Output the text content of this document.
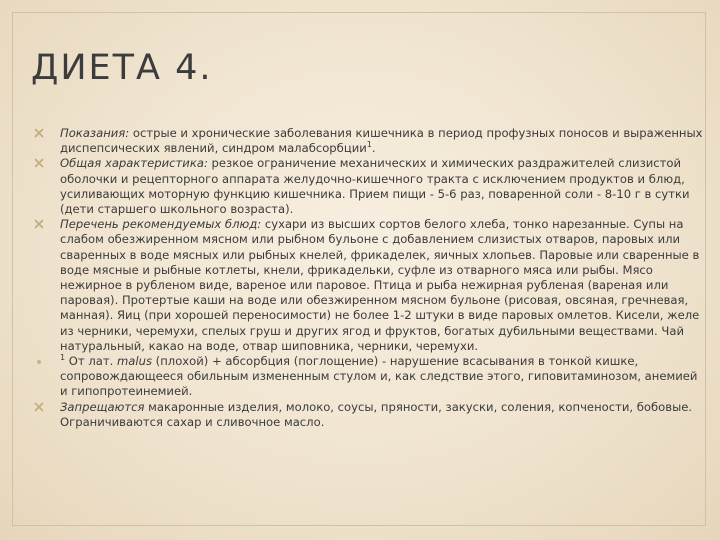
ДИЕТА 4.
Показания: острые и хронические заболевания кишечника в период профузных поносов и выраженных диспепсических явлений, синдром малабсорбции$^1$.
Общая характеристика: резкое ограничение механических и химических раздражителей слизистой оболочки и рецепторного аппарата желудочно-кишечного тракта с исключением продуктов и блюд, усиливающих моторную функцию кишечника. Прием пищи - 5-6 раз, поваренной соли - 8-10 г в сутки (дети старшего школьного возраста).
Перечень рекомендуемых блюд: сухари из высших сортов белого хлеба, тонко нарезанные. Супы на слабом обезжиренном мясном или рыбном бульоне с добавлением слизистых отваров, паровых или сваренных в воде мясных или рыбных кнелей, фрикаделек, яичных хлопьев. Паровые или сваренные в воде мясные и рыбные котлеты, кнели, фрикадельки, суфле из отварного мяса или рыбы. Мясо нежирное в рубленом виде, вареное или паровое. Птица и рыба нежирная рубленая (вареная или паровая). Протертые каши на воде или обезжиренном мясном бульоне (рисовая, овсяная, гречневая, манная). Яиц (при хорошей переносимости) не более 1-2 штуки в виде паровых омлетов. Кисели, желе из черники, черемухи, спелых груш и других ягод и фруктов, богатых дубильными веществами. Чай натуральный, какао на воде, отвар шиповника, черники, черемухи.
$^1$ От лат. malus (плохой) + абсорбция (поглощение) - нарушение всасывания в тонкой кишке, сопровождающееся обильным измененным стулом и, как следствие этого, гиповитаминозом, анемией и гипопротеинемией.
Запрещаются макаронные изделия, молоко, соусы, пряности, закуски, соления, копчености, бобовые. Ограничиваются сахар и сливочное масло.
